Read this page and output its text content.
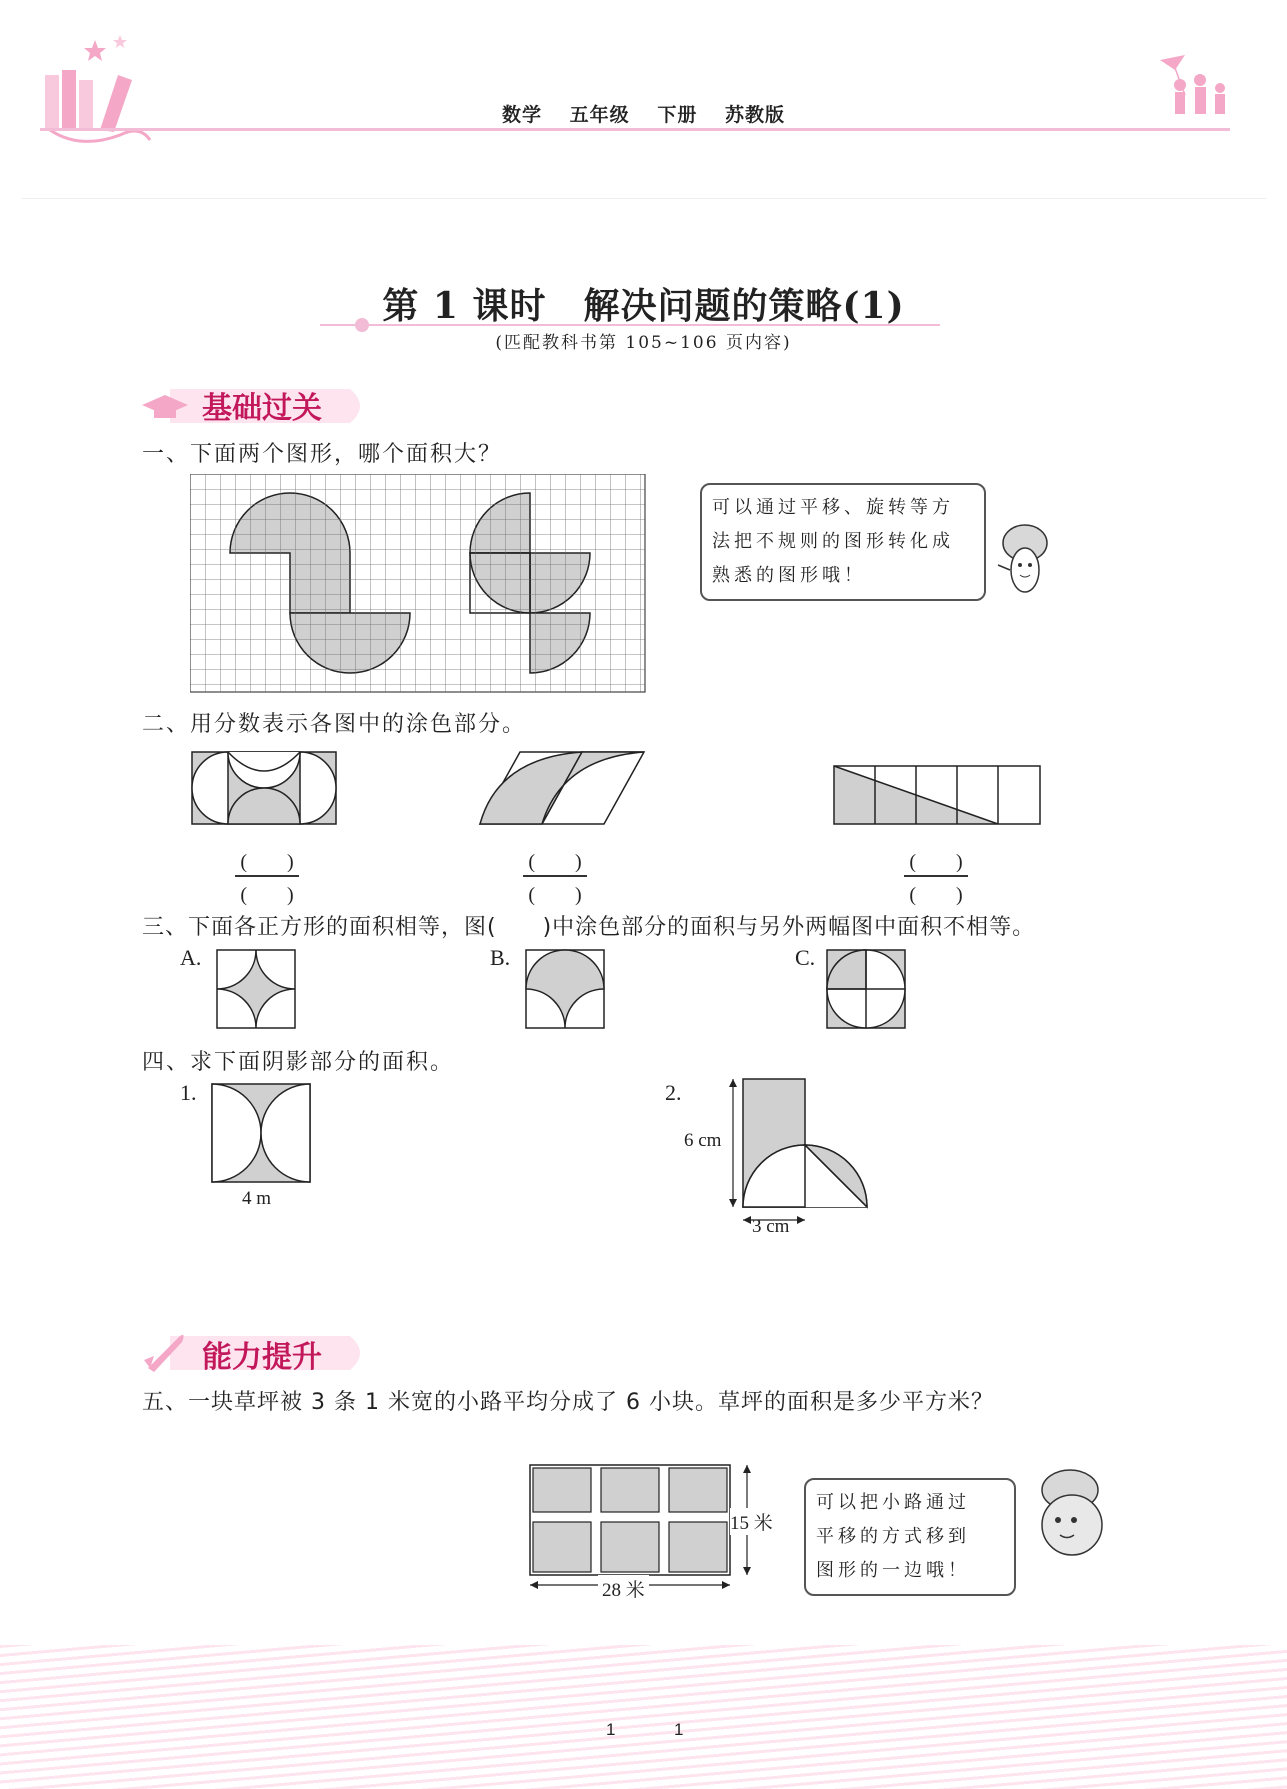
数学 五年级 下册 苏教版
第 1 课时　解决问题的策略(1)
(匹配教科书第 105~106 页内容)
基础过关
一、下面两个图形，哪个面积大？
可以通过平移、旋转等方
法把不规则的图形转化成
熟悉的图形哦！
二、用分数表示各图中的涂色部分。
(　　)
(　　)
(　　)
(　　)
(　　)
(　　)
三、下面各正方形的面积相等，图(　　)中涂色部分的面积与另外两幅图中面积不相等。
A.	B.	C.
四、求下面阴影部分的面积。
1.	2.
4 m
6 cm
3 cm
能力提升
五、一块草坪被 3 条 1 米宽的小路平均分成了 6 小块。草坪的面积是多少平方米？
15 米
28 米
可以把小路通过
平移的方式移到
图形的一边哦！
1	1
